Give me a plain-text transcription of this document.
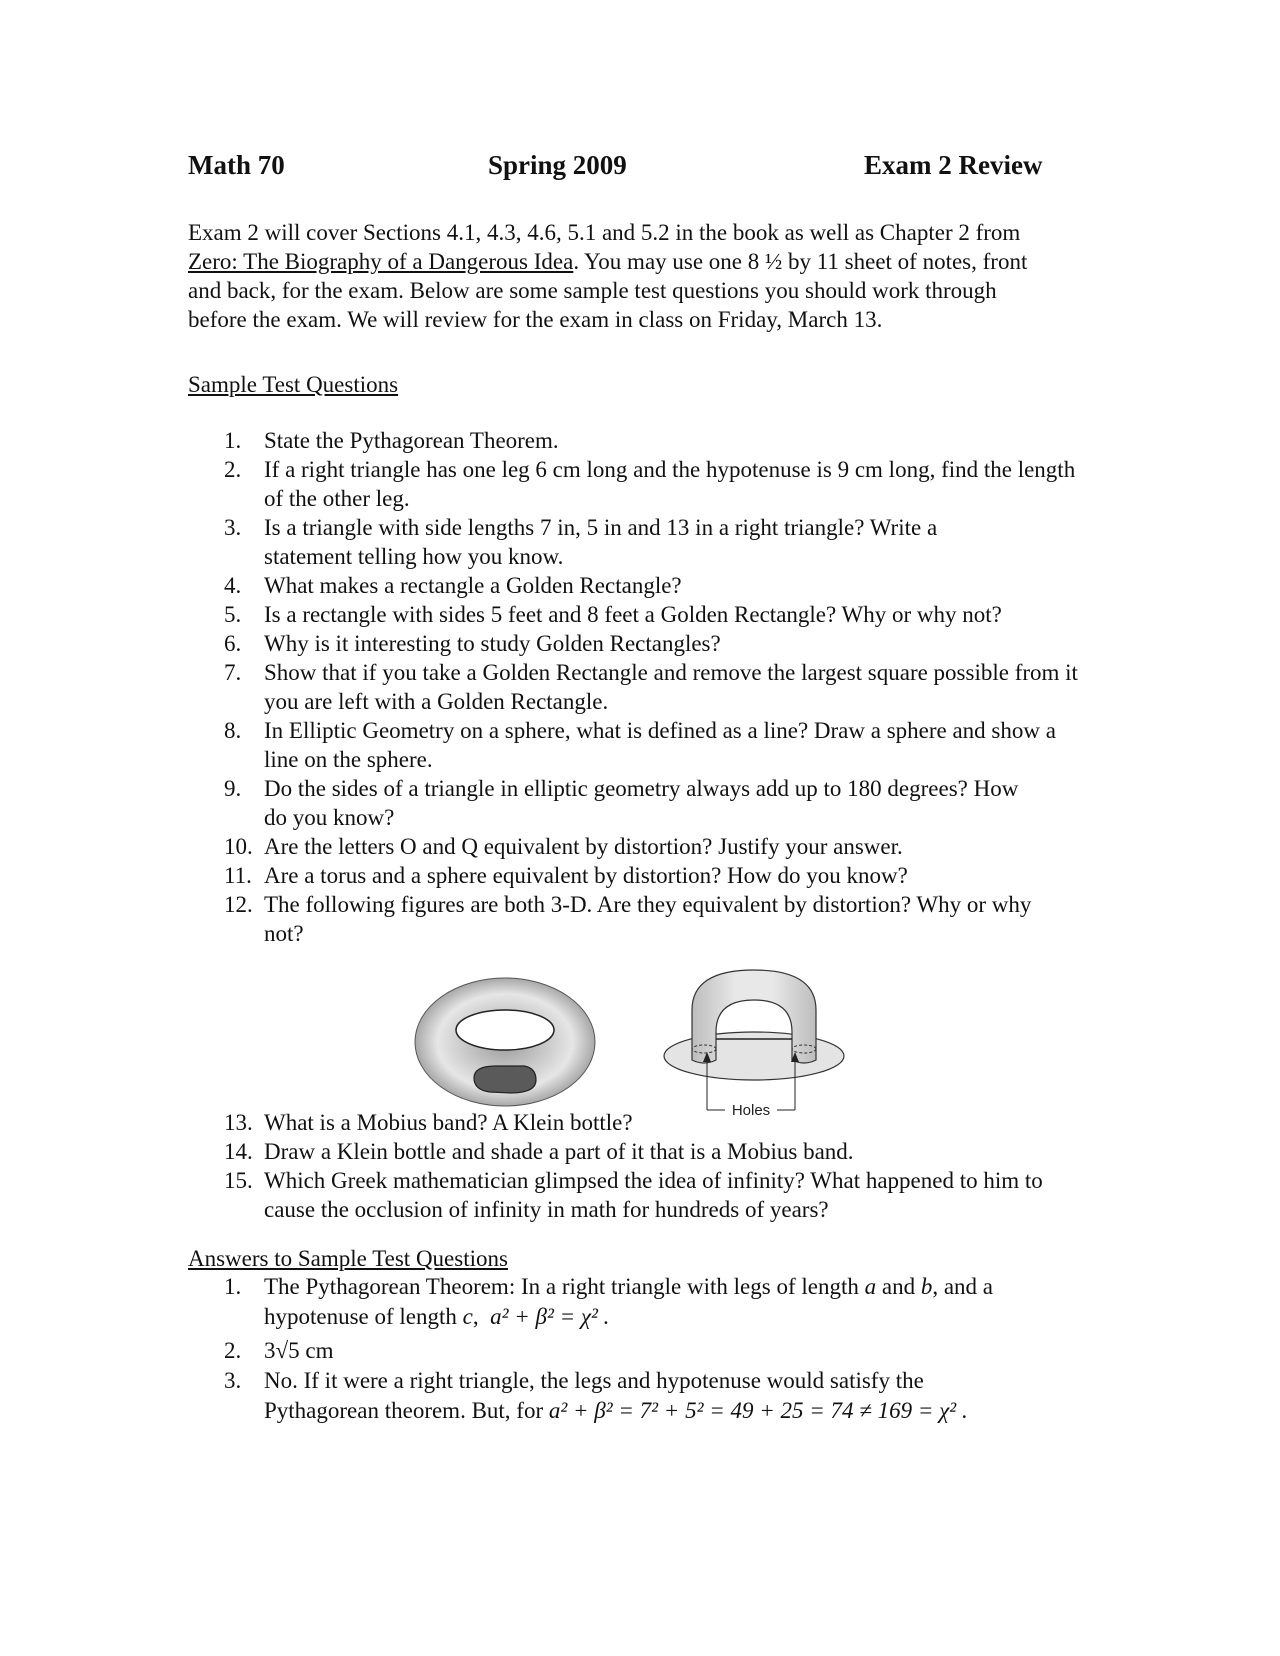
Math 70	Spring 2009	Exam 2 Review
Exam 2 will cover Sections 4.1, 4.3, 4.6, 5.1 and 5.2 in the book as well as Chapter 2 from Zero: The Biography of a Dangerous Idea. You may use one 8 ½ by 11 sheet of notes, front and back, for the exam. Below are some sample test questions you should work through before the exam. We will review for the exam in class on Friday, March 13.
Sample Test Questions
1. State the Pythagorean Theorem.
2. If a right triangle has one leg 6 cm long and the hypotenuse is 9 cm long, find the length of the other leg.
3. Is a triangle with side lengths 7 in, 5 in and 13 in a right triangle? Write a statement telling how you know.
4. What makes a rectangle a Golden Rectangle?
5. Is a rectangle with sides 5 feet and 8 feet a Golden Rectangle? Why or why not?
6. Why is it interesting to study Golden Rectangles?
7. Show that if you take a Golden Rectangle and remove the largest square possible from it you are left with a Golden Rectangle.
8. In Elliptic Geometry on a sphere, what is defined as a line? Draw a sphere and show a line on the sphere.
9. Do the sides of a triangle in elliptic geometry always add up to 180 degrees? How do you know?
10. Are the letters O and Q equivalent by distortion? Justify your answer.
11. Are a torus and a sphere equivalent by distortion? How do you know?
12. The following figures are both 3-D. Are they equivalent by distortion? Why or why not?
Holes
13. What is a Mobius band? A Klein bottle?
14. Draw a Klein bottle and shade a part of it that is a Mobius band.
15. Which Greek mathematician glimpsed the idea of infinity? What happened to him to cause the occlusion of infinity in math for hundreds of years?
Answers to Sample Test Questions
1. The Pythagorean Theorem: In a right triangle with legs of length a and b, and a hypotenuse of length c, a² + β² = χ² .
2. 3√5 cm
3. No. If it were a right triangle, the legs and hypotenuse would satisfy the Pythagorean theorem. But, for a² + β² = 7² + 5² = 49 + 25 = 74 ≠ 169 = χ² .
